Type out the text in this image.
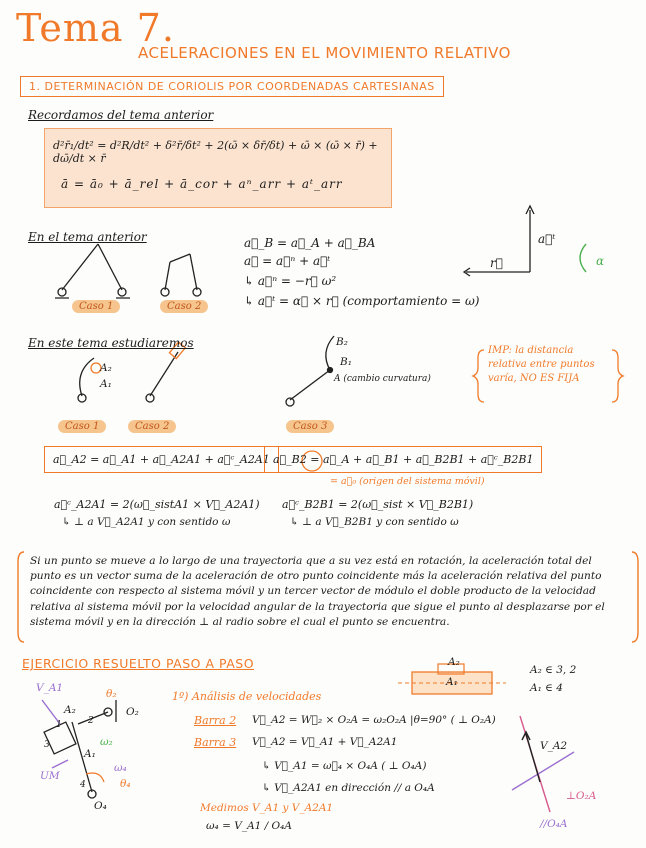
Tema 7.
ACELERACIONES EN EL MOVIMIENTO RELATIVO
1. DETERMINACIÓN DE CORIOLIS POR COORDENADAS CARTESIANAS
Recordamos del tema anterior
d²r̄₁/dt² = d²R/dt² + δ²r̄/δt² + 2(ω̄ × δr̄/δt) + ω̄ × (ω̄ × r̄) + dω̄/dt × r̄
ā = ā₀ + ā_rel + ā_cor + aⁿ_arr + aᵗ_arr
En el tema anterior
Caso 1	Caso 2
a⃗_B = a⃗_A + a⃗_BA
a⃗ = a⃗ⁿ + a⃗ᵗ
↳ a⃗ⁿ = −r⃗ ω²
↳ a⃗ᵗ = α⃗ × r⃗ (comportamiento = ω)
a⃗ᵗ
r⃗	α
En este tema estudiaremos
A₂
A₁
B₂
B₁
A (cambio curvatura)
IMP: la distancia relativa entre puntos varía, NO ES FIJA
Caso 1	Caso 2	Caso 3
a⃗_A2 = a⃗_A1 + a⃗_A2A1 + a⃗ᶜ_A2A1 a⃗_B2 = a⃗_A + a⃗_B1 + a⃗_B2B1 + a⃗ᶜ_B2B1
= a⃗₀ (origen del sistema móvil)
a⃗ᶜ_A2A1 = 2(ω⃗_sistA1 × V⃗_A2A1)
↳ ⊥ a V⃗_A2A1 y con sentido ω
a⃗ᶜ_B2B1 = 2(ω⃗_sist × V⃗_B2B1)
↳ ⊥ a V⃗_B2B1 y con sentido ω
Si un punto se mueve a lo largo de una trayectoria que a su vez está en rotación, la aceleración total del punto es un vector suma de la aceleración de otro punto coincidente más la aceleración relativa del punto coincidente con respecto al sistema móvil y un tercer vector de módulo el doble producto de la velocidad relativa al sistema móvil por la velocidad angular de la trayectoria que sigue el punto al desplazarse por el sistema móvil y en la dirección ⊥ al radio sobre el cual el punto se encuentra.
EJERCICIO RESUELTO PASO A PASO
V_A1
A₂
θ₂
O₂
ω₂
A₁
ω₄
θ₄
O₄
UM
1	2
3
4
1º) Análisis de velocidades
Barra 2 V⃗_A2 = W⃗₂ × O₂A = ω₂O₂A |θ=90° ( ⊥ O₂A)
Barra 3 V⃗_A2 = V⃗_A1 + V⃗_A2A1
↳ V⃗_A1 = ω⃗₄ × O₄A ( ⊥ O₄A)
↳ V⃗_A2A1 en dirección // a O₄A
Medimos V_A1 y V_A2A1
ω₄ = V_A1 / O₄A
A₂
A₁
A₂ ∈ 3, 2
A₁ ∈ 4
V_A2
⊥O₂A
//O₄A
